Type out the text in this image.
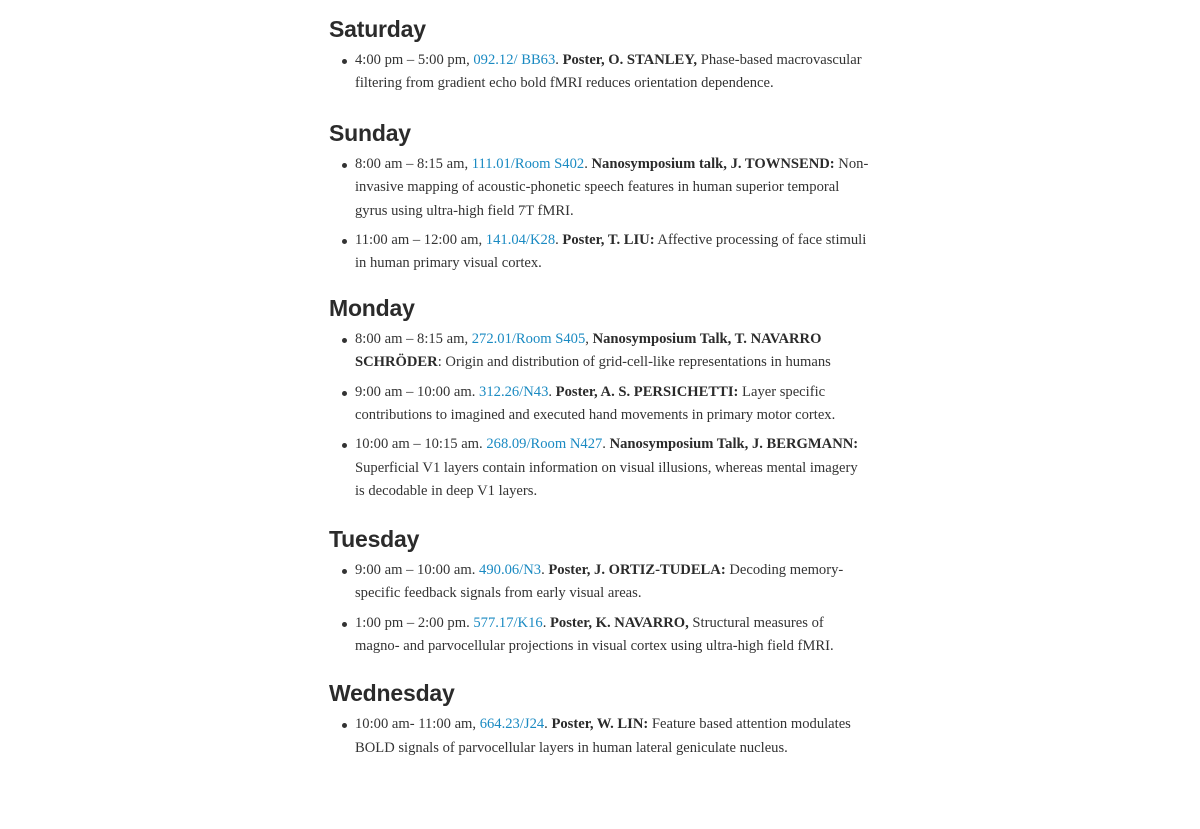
Saturday
4:00 pm – 5:00 pm, 092.12/ BB63. Poster, O. STANLEY, Phase-based macrovascular filtering from gradient echo bold fMRI reduces orientation dependence.
Sunday
8:00 am – 8:15 am, 111.01/Room S402. Nanosymposium talk, J. TOWNSEND: Non-invasive mapping of acoustic-phonetic speech features in human superior temporal gyrus using ultra-high field 7T fMRI.
11:00 am – 12:00 am, 141.04/K28. Poster, T. LIU: Affective processing of face stimuli in human primary visual cortex.
Monday
8:00 am – 8:15 am, 272.01/Room S405, Nanosymposium Talk, T. NAVARRO SCHRÖDER: Origin and distribution of grid-cell-like representations in humans
9:00 am – 10:00 am. 312.26/N43. Poster, A. S. PERSICHETTI: Layer specific contributions to imagined and executed hand movements in primary motor cortex.
10:00 am – 10:15 am. 268.09/Room N427. Nanosymposium Talk, J. BERGMANN: Superficial V1 layers contain information on visual illusions, whereas mental imagery is decodable in deep V1 layers.
Tuesday
9:00 am – 10:00 am. 490.06/N3. Poster, J. ORTIZ-TUDELA: Decoding memory-specific feedback signals from early visual areas.
1:00 pm – 2:00 pm. 577.17/K16. Poster, K. NAVARRO, Structural measures of magno- and parvocellular projections in visual cortex using ultra-high field fMRI.
Wednesday
10:00 am- 11:00 am, 664.23/J24. Poster, W. LIN: Feature based attention modulates BOLD signals of parvocellular layers in human lateral geniculate nucleus.
